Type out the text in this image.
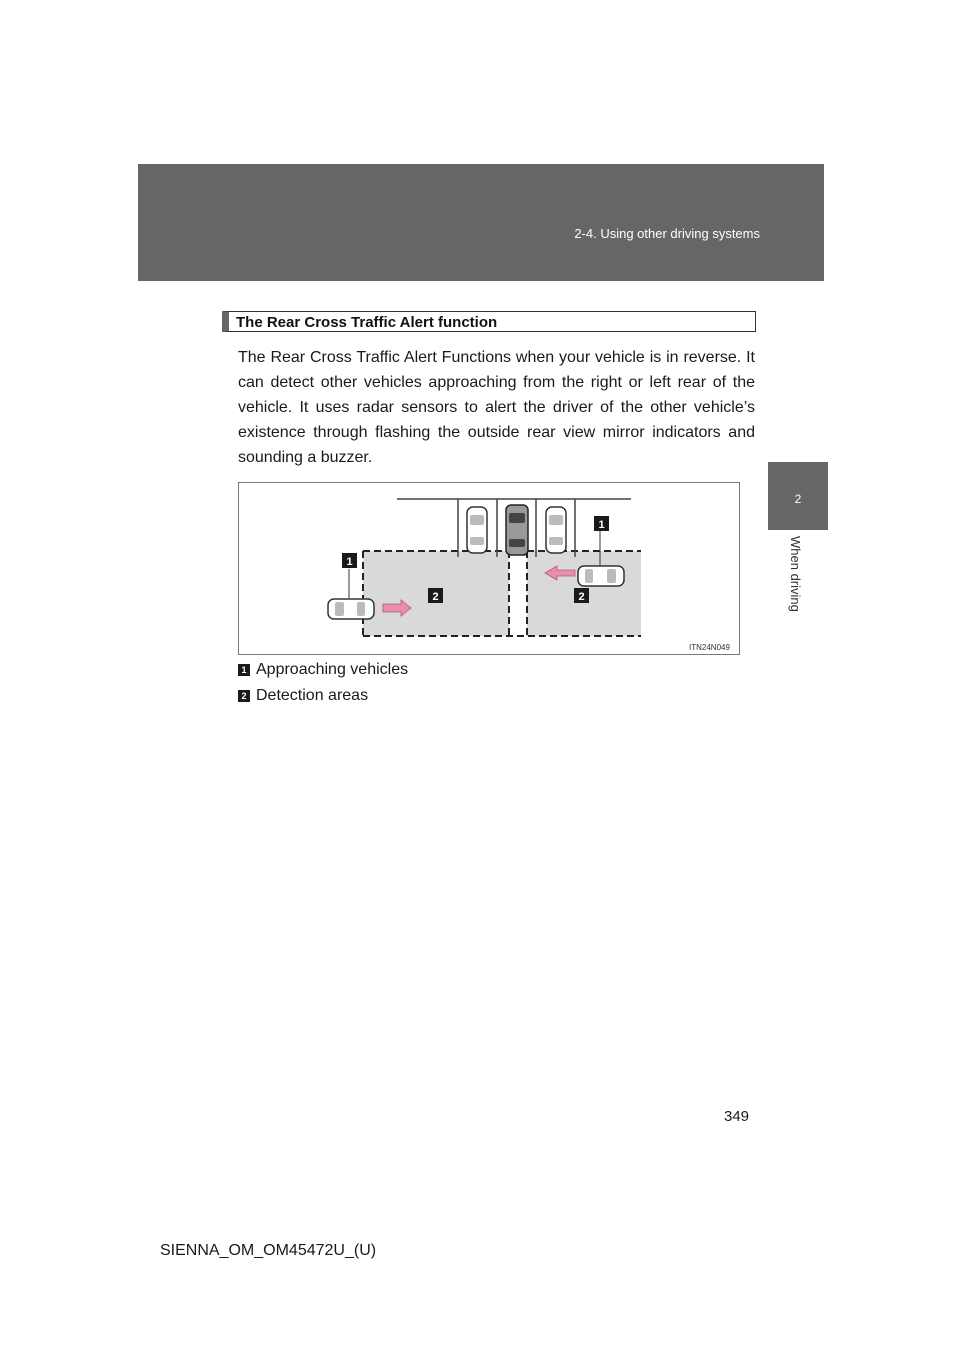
2-4. Using other driving systems
2
When driving
The Rear Cross Traffic Alert function

The Rear Cross Traffic Alert Functions when your vehicle is in reverse. It can detect other vehicles approaching from the right or left rear of the vehicle. It uses radar sensors to alert the driver of the other vehicle’s existence through flashing the outside rear view mirror indicators and sounding a buzzer.

1
1
2	2
ITN24N049
1 Approaching vehicles
2 Detection areas
349
SIENNA_OM_OM45472U_(U)
